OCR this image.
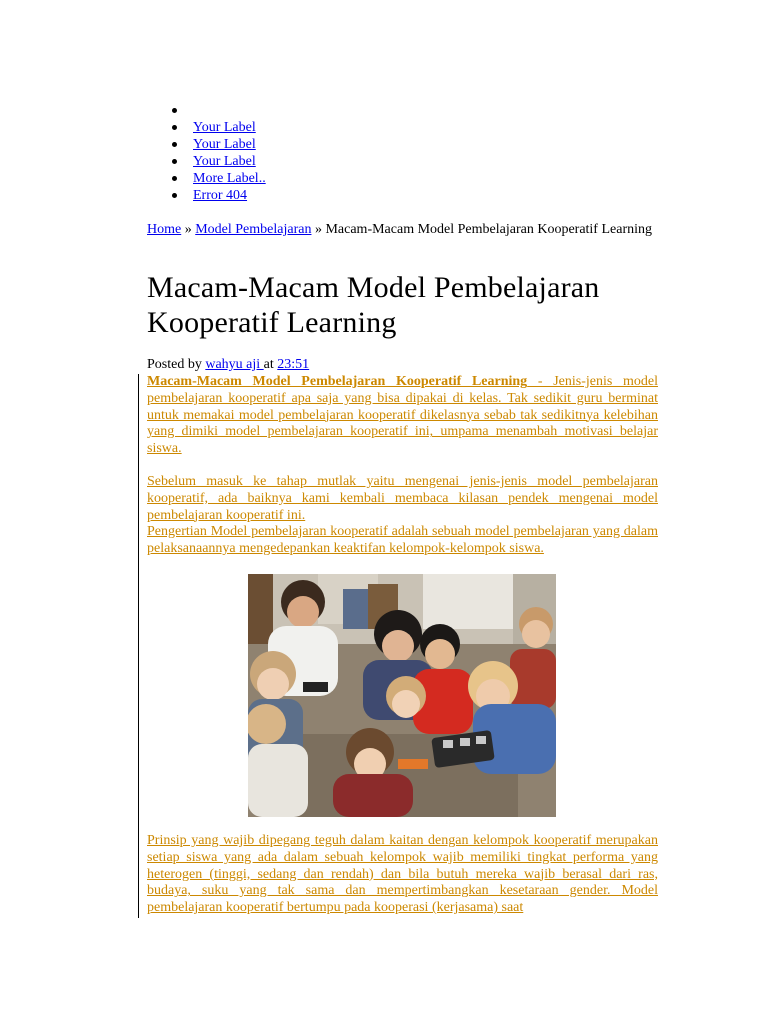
Your Label
Your Label
Your Label
More Label..
Error 404
Home » Model Pembelajaran » Macam-Macam Model Pembelajaran Kooperatif Learning
Macam-Macam Model Pembelajaran Kooperatif Learning
Posted by wahyu aji at 23:51
Macam-Macam Model Pembelajaran Kooperatif Learning - Jenis-jenis model pembelajaran kooperatif apa saja yang bisa dipakai di kelas. Tak sedikit guru berminat untuk memakai model pembelajaran kooperatif dikelasnya sebab tak sedikitnya kelebihan yang dimiki model pembelajaran kooperatif ini, umpama menambah motivasi belajar siswa.
Sebelum masuk ke tahap mutlak yaitu mengenai jenis-jenis model pembelajaran kooperatif, ada baiknya kami kembali membaca kilasan pendek mengenai model pembelajaran kooperatif ini.
Pengertian Model pembelajaran kooperatif adalah sebuah model pembelajaran yang dalam pelaksanaannya mengedepankan keaktifan kelompok-kelompok siswa.
Prinsip yang wajib dipegang teguh dalam kaitan dengan kelompok kooperatif merupakan setiap siswa yang ada dalam sebuah kelompok wajib memiliki tingkat performa yang heterogen (tinggi, sedang dan rendah) dan bila butuh mereka wajib berasal dari ras, budaya, suku yang tak sama dan mempertimbangkan kesetaraan gender. Model pembelajaran kooperatif bertumpu pada kooperasi (kerjasama) saat
